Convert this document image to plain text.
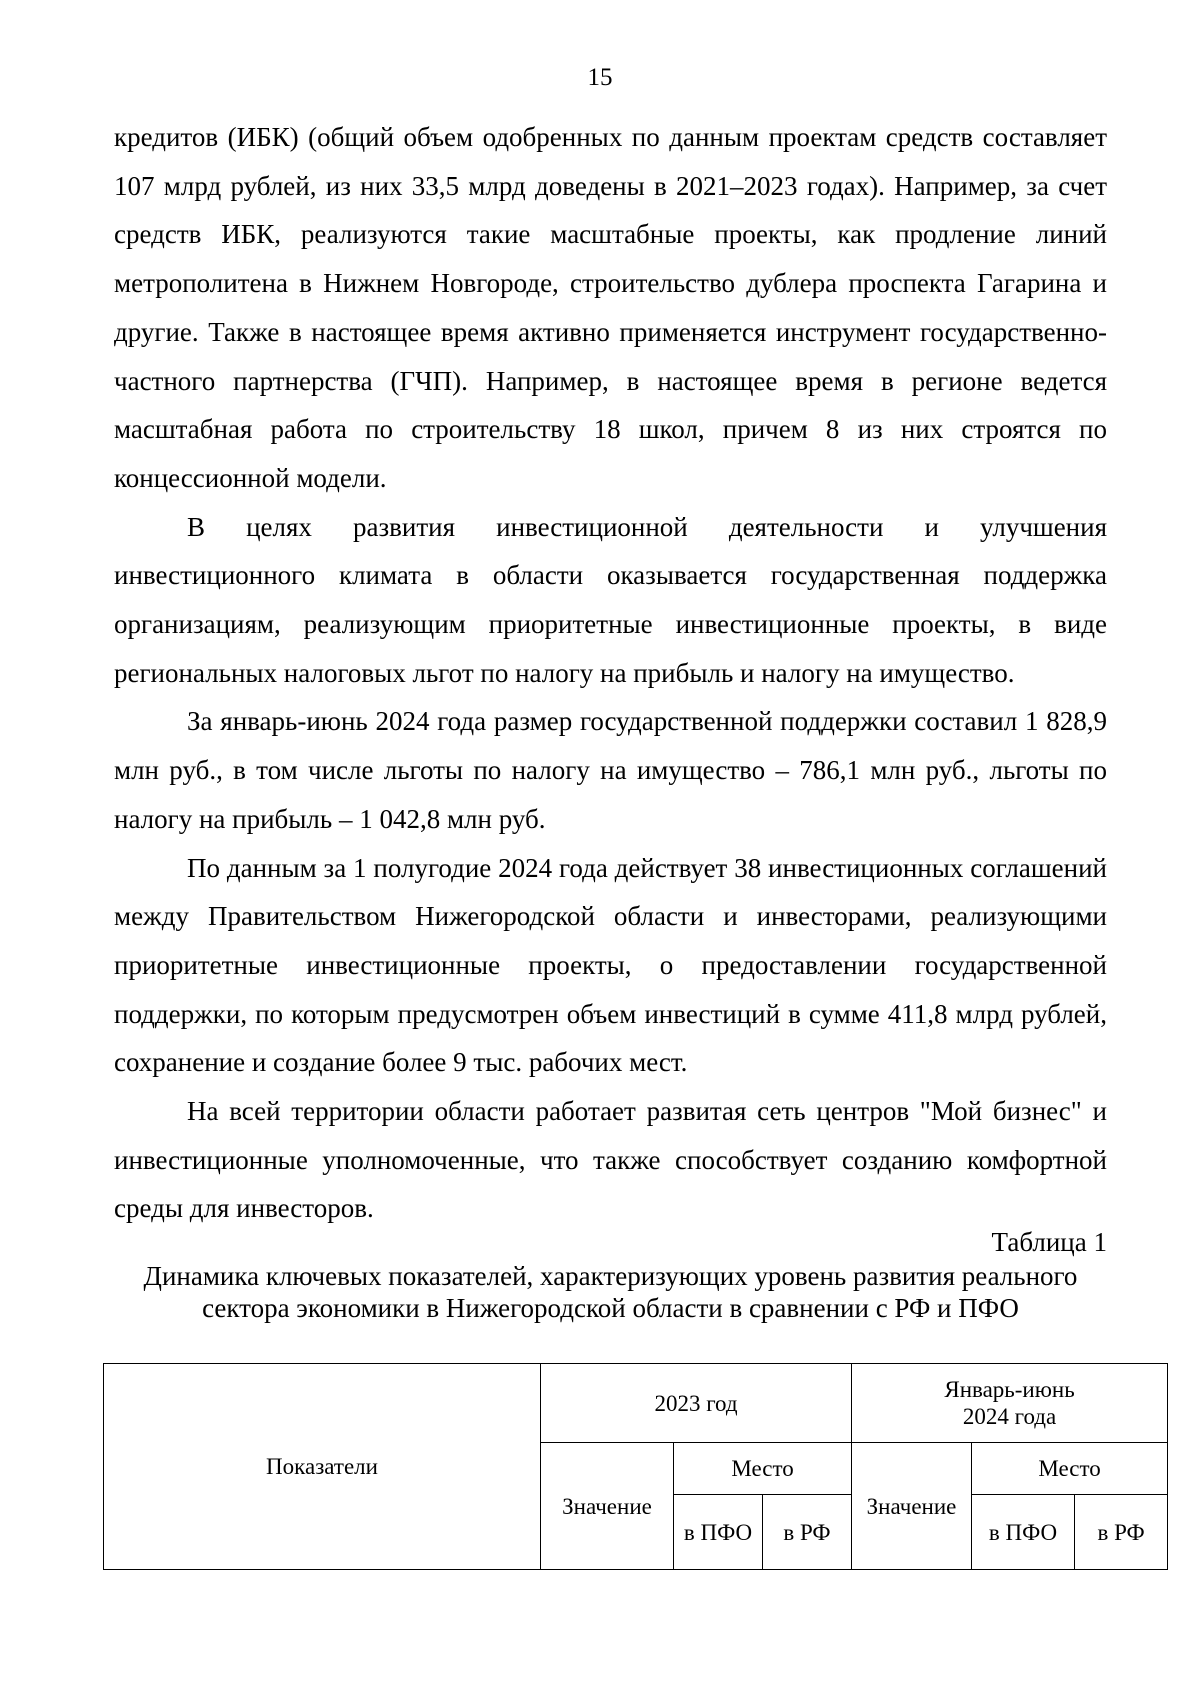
15

кредитов (ИБК) (общий объем одобренных по данным проектам средств составляет 107 млрд рублей, из них 33,5 млрд доведены в 2021–2023 годах). Например, за счет средств ИБК, реализуются такие масштабные проекты, как продление линий метрополитена в Нижнем Новгороде, строительство дублера проспекта Гагарина и другие. Также в настоящее время активно применяется инструмент государственно-частного партнерства (ГЧП). Например, в настоящее время в регионе ведется масштабная работа по строительству 18 школ, причем 8 из них строятся по концессионной модели.

В целях развития инвестиционной деятельности и улучшения инвестиционного климата в области оказывается государственная поддержка организациям, реализующим приоритетные инвестиционные проекты, в виде региональных налоговых льгот по налогу на прибыль и налогу на имущество.

За январь-июнь 2024 года размер государственной поддержки составил 1 828,9 млн руб., в том числе льготы по налогу на имущество – 786,1 млн руб., льготы по налогу на прибыль – 1 042,8 млн руб.

По данным за 1 полугодие 2024 года действует 38 инвестиционных соглашений между Правительством Нижегородской области и инвесторами, реализующими приоритетные инвестиционные проекты, о предоставлении государственной поддержки, по которым предусмотрен объем инвестиций в сумме 411,8 млрд рублей, сохранение и создание более 9 тыс. рабочих мест.

На всей территории области работает развитая сеть центров "Мой бизнес" и инвестиционные уполномоченные, что также способствует созданию комфортной среды для инвесторов.

Таблица 1
Динамика ключевых показателей, характеризующих уровень развития реального
сектора экономики в Нижегородской области в сравнении с РФ и ПФО
Показатели	2023 год			Январь-июнь
2024 года		

	Значение	Место		Значение	Место	
		в ПФО	в РФ		в ПФО	в РФ
